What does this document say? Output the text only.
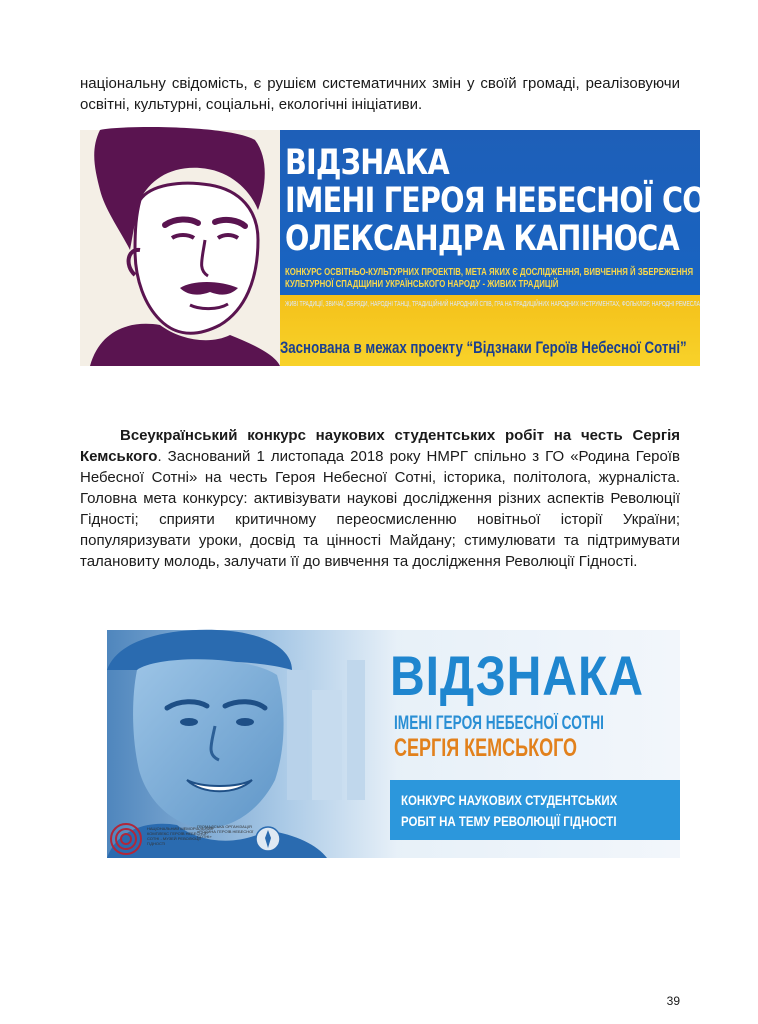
національну свідомість, є рушієм систематичних змін у своїй громаді, реалізовуючи освітні, культурні, соціальні, екологічні ініціативи.

ВІДЗНАКА
ІМЕНІ ГЕРОЯ НЕБЕСНОЇ СОТНІ
ОЛЕКСАНДРА КАПІНОСА
КОНКУРС ОСВІТНЬО-КУЛЬТУРНИХ ПРОЕКТІВ, МЕТА ЯКИХ Є ДОСЛІДЖЕННЯ, ВИВЧЕННЯ Й ЗБЕРЕЖЕННЯ КУЛЬТУРНОЇ СПАДЩИНИ УКРАЇНСЬКОГО НАРОДУ - ЖИВИХ ТРАДИЦІЙ
ЖИВІ ТРАДИЦІЇ, ЗВИЧАЇ, ОБРЯДИ, НАРОДНІ ТАНЦІ, ТРАДИЦІЙНИЙ НАРОДНИЙ СПІВ, ГРА НА ТРАДИЦІЙНИХ НАРОДНИХ ІНСТРУМЕНТАХ, ФОЛЬКЛОР, НАРОДНІ РЕМЕСЛА
Заснована в межах проекту “Відзнаки Героїв Небесної Сотні”

Всеукраїнський конкурс наукових студентських робіт на честь Сергія Кемського. Заснований 1 листопада 2018 року НМРГ спільно з ГО «Родина Героїв Небесної Сотні» на честь Героя Небесної Сотні, історика, політолога, журналіста. Головна мета конкурсу: активізувати наукові дослідження різних аспектів Революції Гідності; сприяти критичному переосмисленню новітньої історії України; популяризувати уроки, досвід та цінності Майдану; стимулювати та підтримувати талановиту молодь, залучати її до вивчення та дослідження Революції Гідності.

ВІДЗНАКА
ІМЕНІ ГЕРОЯ НЕБЕСНОЇ СОТНІ
СЕРГІЯ КЕМСЬКОГО
КОНКУРС НАУКОВИХ СТУДЕНТСЬКИХ
РОБІТ НА ТЕМУ РЕВОЛЮЦІЇ ГІДНОСТІ
НАЦІОНАЛЬНИЙ МЕМОРІАЛЬНИЙ КОМПЛЕКС ГЕРОЇВ НЕБЕСНОЇ СОТНІ - МУЗЕЙ РЕВОЛЮЦІЇ ГІДНОСТІ
ГРОМАДСЬКА ОРГАНІЗАЦІЯ «РОДИНА ГЕРОЇВ НЕБЕСНОЇ СОТНІ»
39
